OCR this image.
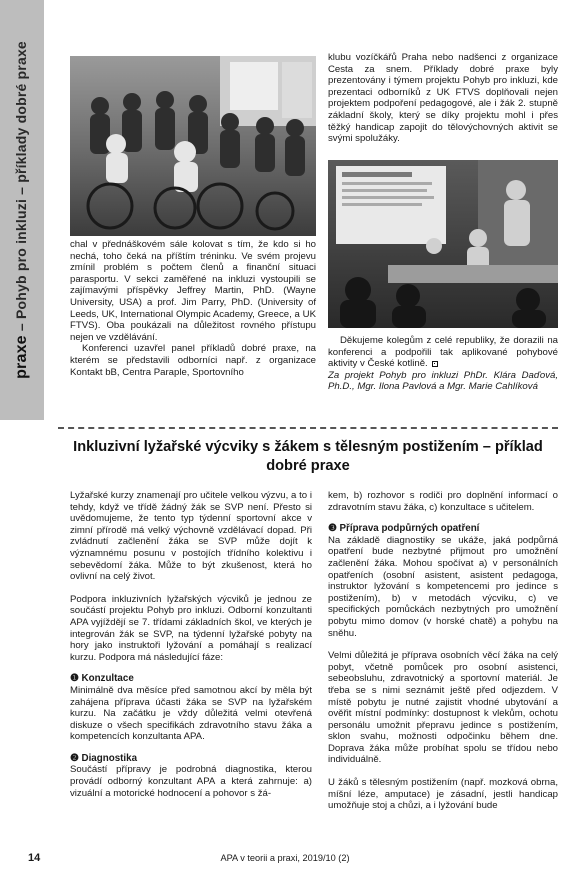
praxe – Pohyb pro inkluzi – příklady dobré praxe	chal v přednáškovém sále kolovat s tím, že kdo si ho nechá, toho čeká na příštím tréninku. Ve svém projevu zmínil problém s počtem členů a finanční situaci parasportu. V sekci zaměřené na inkluzi vystoupili se zajímavými příspěvky Jeffrey Martin, PhD. (Wayne University, USA) a prof. Jim Parry, PhD. (University of Leeds, UK, International Olympic Academy, Greece, a UK FTVS). Oba poukázali na důležitost rovného přístupu nejen ve vzdělávání.

Konferenci uzavřel panel příkladů dobré praxe, na kterém se představili odborníci např. z organizace Kontakt bB, Centra Paraple, Sportovního

klubu vozíčkářů Praha nebo nadšenci z organizace Cesta za snem. Příklady dobré praxe byly prezentovány i týmem projektu Pohyb pro inkluzi, kde prezentaci odborníků z UK FTVS doplňovali nejen projektem podpoření pedagogové, ale i žák 2. stupně základní školy, který se díky projektu mohl i přes těžký handicap zapojit do tělovýchovných aktivit se svými spolužáky.

Děkujeme kolegům z celé republiky, že dorazili na konferenci a podpořili tak aplikované pohybové aktivity v České kotlině.

Za projekt Pohyb pro inkluzi PhDr. Klára Daďová, Ph.D., Mgr. Ilona Pavlová a Mgr. Marie Cahlíková

Inkluzivní lyžařské výcviky s žákem s tělesným postižením – příklad dobré praxe

Lyžařské kurzy znamenají pro učitele velkou výzvu, a to i tehdy, když ve třídě žádný žák se SVP není. Přesto si uvědomujeme, že tento typ týdenní sportovní akce v zimní přírodě má velký výchovně vzdělávací dopad. Při zvládnutí začlenění žáka se SVP může dojít k významnému posunu v postojích třídního kolektivu i sebevědomí žáka. Může to být zkušenost, která ho ovlivní na celý život.

Podpora inkluzivních lyžařských výcviků je jednou ze součástí projektu Pohyb pro inkluzi. Odborní konzultanti APA vyjíždějí se 7. třídami základních škol, ve kterých je integrován žák se SVP, na týdenní lyžařské pobyty na hory jako instruktoři lyžování a pomáhají s realizací kurzu. Podpora má následující fáze:

❶ Konzultace

Minimálně dva měsíce před samotnou akcí by měla být zahájena příprava účasti žáka se SVP na lyžařském kurzu. Na začátku je vždy důležitá velmi otevřená diskuze o všech specifikách zdravotního stavu žáka a kompetencích konzultanta APA.

❷ Diagnostika

Součástí přípravy je podrobná diagnostika, kterou provádí odborný konzultant APA a která zahrnuje: a) vizuální a motorické hodnocení a pohovor s žá-

kem, b) rozhovor s rodiči pro doplnění informací o zdravotním stavu žáka, c) konzultace s učitelem.

❸ Příprava podpůrných opatření

Na základě diagnostiky se ukáže, jaká podpůrná opatření bude nezbytné přijmout pro umožnění začlenění žáka. Mohou spočívat a) v personálních opatřeních (osobní asistent, asistent pedagoga, instruktor lyžování s kompetencemi pro jedince s postižením), b) v metodách výcviku, c) ve specifických pomůckách nezbytných pro umožnění pobytu mimo domov (v horské chatě) a pohybu na sněhu.

Velmi důležitá je příprava osobních věcí žáka na celý pobyt, včetně pomůcek pro osobní asistenci, sebeobsluhu, zdravotnický a sportovní materiál. Je třeba se s nimi seznámit ještě před odjezdem. V místě pobytu je nutné zajistit vhodné ubytování a ověřit místní podmínky: dostupnost k vlekům, ochotu personálu umožnit přepravu jedince s postižením, sklon svahu, možnosti odpočinku během dne. Doprava žáka může probíhat spolu se třídou nebo individuálně.

U žáků s tělesným postižením (např. mozková obrna, míšní léze, amputace) je zásadní, jestli handicap umožňuje stoj a chůzi, a i lyžování bude

14	APA v teorii a praxi, 2019/10 (2)
